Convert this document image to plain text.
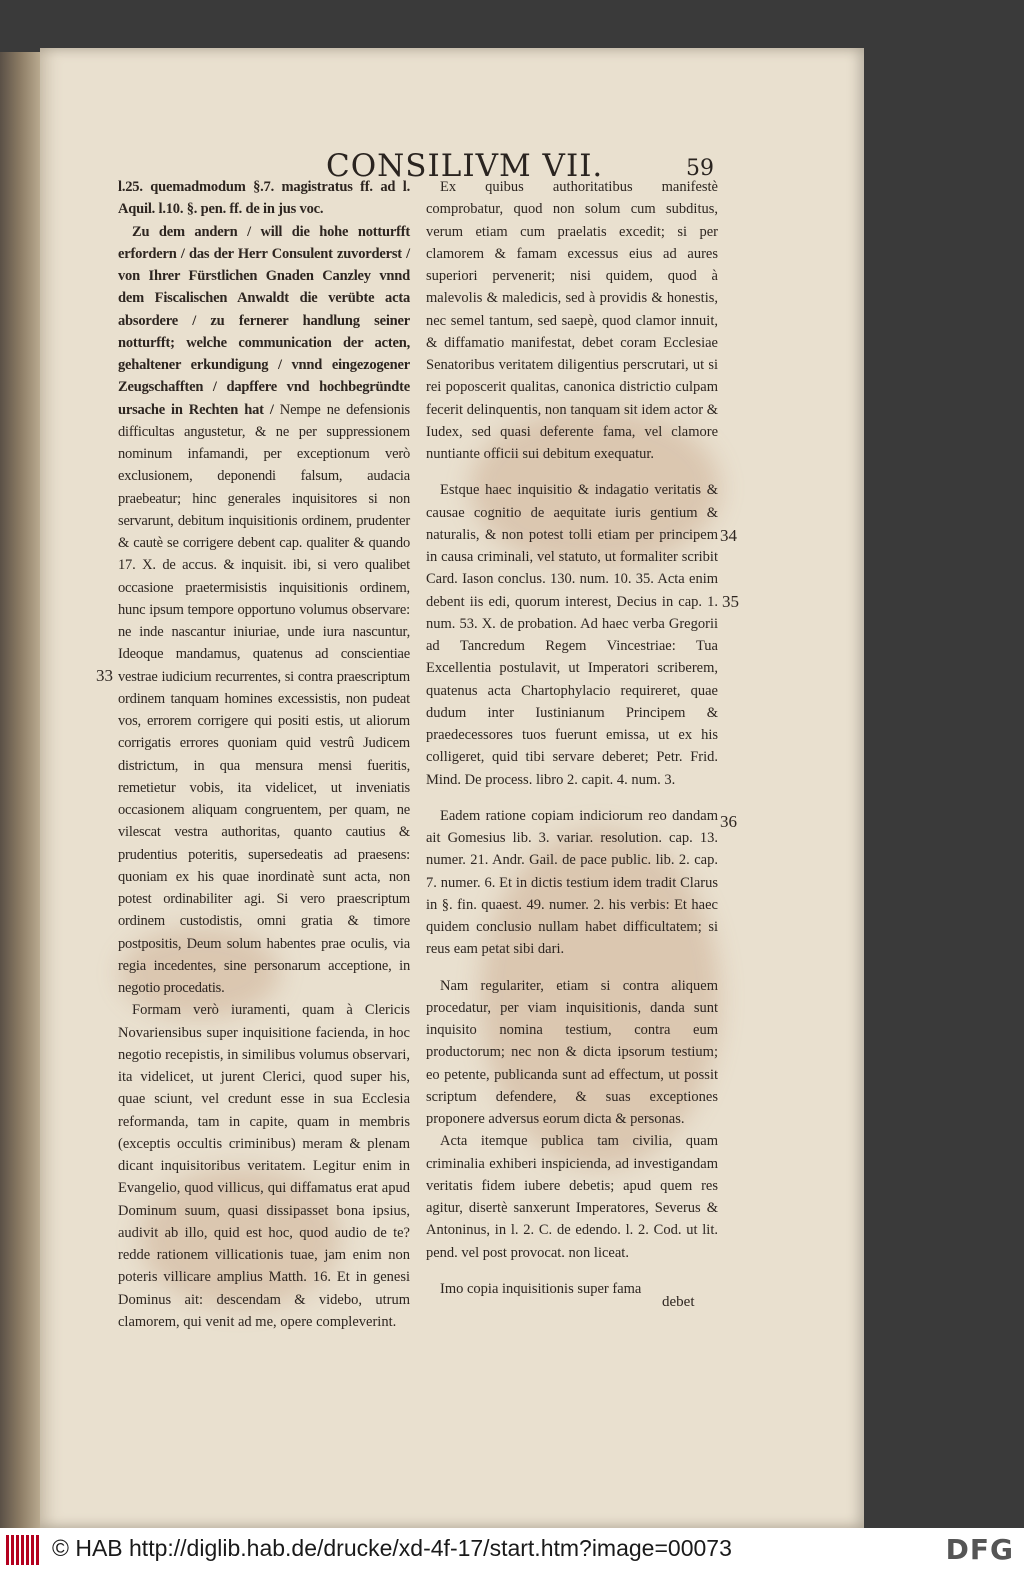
CONSILIVM VII.	59

l.25. quemadmodum §.7. magistratus ff. ad l. Aquil. l.10. §. pen. ff. de in jus voc.

Zu dem andern / will die hohe notturfft erfordern / das der Herr Consulent zuvorderst / von Ihrer Fürstlichen Gnaden Canzley vnnd dem Fiscalischen Anwaldt die verübte acta absordere / zu fernerer handlung seiner notturfft; welche communication der acten, gehaltener erkundigung / vnnd eingezogener Zeugschafften / dapffere vnd hochbegründte ursache in Rechten hat / Nempe ne defensionis difficultas angustetur, & ne per suppressionem nominum infamandi, per exceptionum verò exclusionem, deponendi falsum, audacia praebeatur; hinc generales inquisitores si non servarunt, debitum inquisitionis ordinem, prudenter & cautè se corrigere debent cap. qualiter & quando 17. X. de accus. & inquisit. ibi, si vero qualibet occasione praetermisistis inquisitionis ordinem, hunc ipsum tempore opportuno volumus observare: ne inde nascantur iniuriae, unde iura nascuntur, Ideoque mandamus, quatenus ad conscientiae vestrae iudicium recurrentes, si contra praescriptum ordinem tanquam homines excessistis, non pudeat vos, errorem corrigere qui positi estis, ut aliorum corrigatis errores quoniam quid vestrû Judicem districtum, in qua mensura mensi fueritis, remetietur vobis, ita videlicet, ut inveniatis occasionem aliquam congruentem, per quam, ne vilescat vestra authoritas, quanto cautius & prudentius poteritis, supersedeatis ad praesens: quoniam ex his quae inordinatè sunt acta, non potest ordinabiliter agi. Si vero praescriptum ordinem custodistis, omni gratia & timore postpositis, Deum solum habentes prae oculis, via regia incedentes, sine personarum acceptione, in negotio procedatis.

Formam verò iuramenti, quam à Clericis Novariensibus super inquisitione facienda, in hoc negotio recepistis, in similibus volumus observari, ita videlicet, ut jurent Clerici, quod super his, quae sciunt, vel credunt esse in sua Ecclesia reformanda, tam in capite, quam in membris (exceptis occultis criminibus) meram & plenam dicant inquisitoribus veritatem. Legitur enim in Evangelio, quod villicus, qui diffamatus erat apud Dominum suum, quasi dissipasset bona ipsius, audivit ab illo, quid est hoc, quod audio de te? redde rationem villicationis tuae, jam enim non poteris villicare amplius Matth. 16. Et in genesi Dominus ait: descendam & videbo, utrum clamorem, qui venit ad me, opere compleverint.

Ex quibus authoritatibus manifestè comprobatur, quod non solum cum subditus, verum etiam cum praelatis excedit; si per clamorem & famam excessus eius ad aures superiori pervenerit; nisi quidem, quod à malevolis & maledicis, sed à providis & honestis, nec semel tantum, sed saepè, quod clamor innuit, & diffamatio manifestat, debet coram Ecclesiae Senatoribus veritatem diligentius perscrutari, ut si rei poposcerit qualitas, canonica districtio culpam fecerit delinquentis, non tanquam sit idem actor & Iudex, sed quasi deferente fama, vel clamore nuntiante officii sui debitum exequatur.

Estque haec inquisitio & indagatio veritatis & causae cognitio de aequitate iuris gentium & naturalis, & non potest tolli etiam per principem in causa criminali, vel statuto, ut formaliter scribit Card. Iason conclus. 130. num. 10. 35. Acta enim debent iis edi, quorum interest, Decius in cap. 1. num. 53. X. de probation. Ad haec verba Gregorii ad Tancredum Regem Vincestriae: Tua Excellentia postulavit, ut Imperatori scriberem, quatenus acta Chartophylacio requireret, quae dudum inter Iustinianum Principem & praedecessores tuos fuerunt emissa, ut ex his colligeret, quid tibi servare deberet; Petr. Frid. Mind. De process. libro 2. capit. 4. num. 3.

Eadem ratione copiam indiciorum reo dandam ait Gomesius lib. 3. variar. resolution. cap. 13. numer. 21. Andr. Gail. de pace public. lib. 2. cap. 7. numer. 6. Et in dictis testium idem tradit Clarus in §. fin. quaest. 49. numer. 2. his verbis: Et haec quidem conclusio nullam habet difficultatem; si reus eam petat sibi dari.

Nam regulariter, etiam si contra aliquem procedatur, per viam inquisitionis, danda sunt inquisito nomina testium, contra eum productorum; nec non & dicta ipsorum testium; eo petente, publicanda sunt ad effectum, ut possit scriptum defendere, & suas exceptiones proponere adversus eorum dicta & personas.

Acta itemque publica tam civilia, quam criminalia exhiberi inspicienda, ad investigandam veritatis fidem iubere debetis; apud quem res agitur, disertè sanxerunt Imperatores, Severus & Antoninus, in l. 2. C. de edendo. l. 2. Cod. ut lit. pend. vel post provocat. non liceat.

Imo copia inquisitionis super fama

debet
33
34
35
36
© HAB http://diglib.hab.de/drucke/xd-4f-17/start.htm?image=00073	DFG
